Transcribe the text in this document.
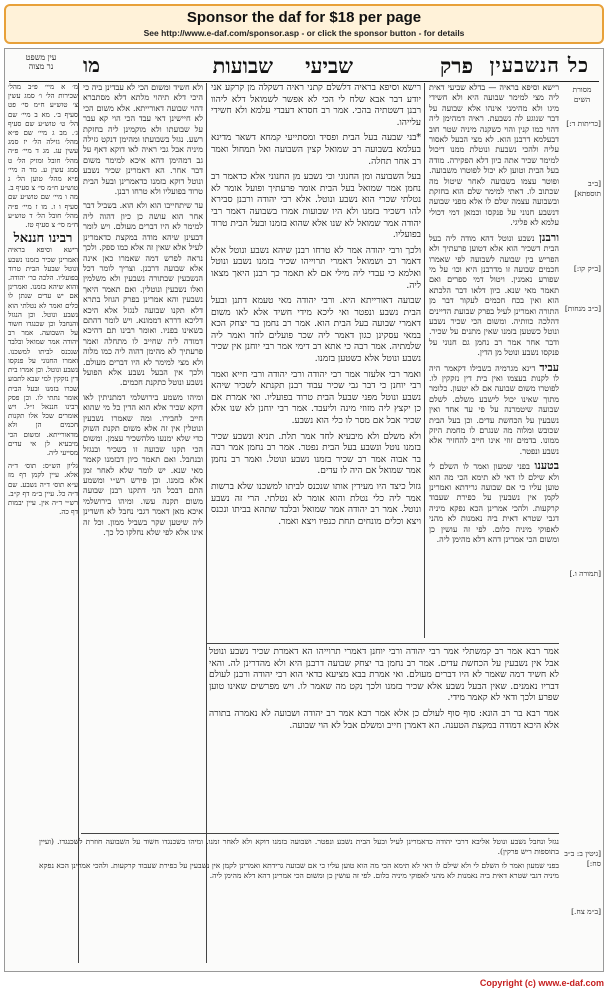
Sponsor the daf for $18 per page
See http://www.e-daf.com/sponsor.asp - or click the sponsor button - for details
כל הנשבעין
פרק
שביעי
שבועות
מו
עין משפט
נר מצוה
מסורת
השים
[כריתות ד:]
[ב״ב תוספתא]
[ב״ק קו:]
[כ״ב מנחות]
[תמורה ו.]
[גיטין ב: ב״ב סח:]
[ב״מ צח.]

רישא וסיפא בראיה — בדלא שביעי דאית ליה מצי למימר שבועה היא ולא חשידי מיגו ולא מהימני אינהו אלא שבועה על דבר שנוגע לה נשבעת. ראיה דמהימן ליה דהוי כמו קנין והוי כשקנה מיניה שטר חוב דבעלמא דרבנן הוא. לא מצי הבעל לאסור עליה ולהכי נשבעת ונוטלת ממנו דיכול למימר שכיר אתה כיון דלא הפקירה. מודה בעל הבית וטוען לא יכול לפוטרו משבועה. ופוטר עצמו בשבועה לאחר שיטול מה שכתוב לו. דאתי למימר שלם הוא בחזקת ובשבועה עצמה שלם לו אלא מפני שבועה דנשבע חנוני על פנקסו וכמאן דמי דכולי עלמא לא פליגי.

ורבנן נשבע ונוטל דהא מודה ליה בעל הבית דשכיר הוא אלא דטוען פרעתיך ולא הפריש בין שבועה לשבועה לפי שאמרו חכמים שבועה זו מדרבנן היא וכו׳ על מי שפורע נאמנין. ויטול דמי ספרים ואם תאמר מאי שנא. כיון דלאו דבר הלכתא הוא ואין בכח חכמים לעקור דבר מן התורה ואמרינן לעיל בפרק שבועת הדיינים דהלכה כוותיה. ומשום הכי שכיר נשבע ונוטל כשטען בזמנו שאין מתנים על שכיר. ודבר אחר אמר רב נחמן גם חנוני על פנקסו נשבע ונוטל מן הדין.

עביד דינא מגרמיה בשבילו דקאמר היה לו לקנות בעצמו ואין בית דין נזקקין לו. לפוטרו משום שבועה אם לא יטעון. כלומר מתוך שאינו יכול לישבע משלם. לשלם שבועה שיטמרנה על פי עד אחד ואין נשבעין על הכחשת עדים. וכן בעל הבית שכובש ומלוה מה שנגרם לו מחמת היזק ממונו. בדמים זוזי אינו חייב להחזיר אלא נשבע ונפטר.

בטענו בפני שמעון ואמר לו השלם לי ולא שילם לו דאי לא תימא הכי מה הוא טוען עליו כי אם שבועה גרידתא ואמרינן לקמן אין נשבעין על כפירת שעבוד קרקעות. ולהכי אמרינן הכא נפקא מיניה דגבי שטרא דאית ביה נאמנות לא מהני לאפוקי מיניה כלום. לפי זה עושין כן ומשום הכי אמרינן דהא דלא מהימן ליה.

רישא וסיפא בראיה דלשלם קתני ראיה דשקלה מן קרקע אני יודע דבר אבא שלח לי הכי לא אפשר לשמואל דלא ליהוו רבנן דשטתיה בהכי. אמר רב חסדא דעבדי עלמא ולא חשידי עלייהו.

*בני שבעה בעל הבית ופסיד ומסתייעי קמחא דשאר מדינא בעלמא בשבועה רב שמואל קצין השבועה ואל תמחול ואמר רב אחר תחלה.

בעל השבועה ומן החנוני וכי נשבע מן החנוני אלא כדאמר רב נחמן אמר שמואל בעל הבית אומר פרעתיך ופועל אומר לא נטלתי שכרי הוא נשבע ונוטל. אלא רבי יהודה ורבנן סבירא להו דשכיר בזמנו ולא היו שבועות אמרו בשבועה דאמר רבי יהודה אמר שמואל לא שנו אלא שהוא בזמנו ובעל הבית טרוד בפועליו.

ולכך ורבי יהודה אמר לא טרחו רבנן שיהא נשבע ונוטל אלא דאמר רב ושמואל דאמרי תרוייהו שכיר בזמנו נשבע ונוטל ואלמא כי עבדי ליה מילי אם לא תאמר כך רבנן היאך מצאו ליה.

שבועה דאורייתא היא. ורבי יהודה מאי טעמא דתנן ובעל הבית נשבע ונפטר ואי ליכא מידי חשיד אלא לאו משום דאמרי שבועה בעל הבית הוא. אמר רב נחמן בר יצחק הכא במאי עסקינן כגון דאמר ליה שכר פועלים לחד ואמר ליה שלמתיה. אמר רבה כי אתא רב דימי אמר רבי יוחנן אין שכיר נשבע ונוטל אלא כשטען בזמנו.

ואמר רבי אלעזר אמר רבי יהודה ורבי יהודה ורבי חייא ואמר רבי יוחנן כי דבר גבי שכיר עבוד רבנן תקנתא לשכיר שיהא נשבע ונוטל מפני שבעל הבית טרוד בפועליו. ואי אמרת אם כן יקצץ ליה מזוזי מינה וליעבד. אמר רבי יוחנן לא שנו אלא שכיר אבל אם מסר לו כלי הוא נשבע.

ולא משלם ולא מיבעיא לחד אמר תלת. תניא ונשבע שכיר בזמנו נוטל ונשבע בעל הבית נפטר. אמר רב נחמן אמר רבה בר אבוה אמר רב שכיר בזמנו נשבע ונוטל. ואמר רב נחמן אמר שמואל אם היה לו עדים.

גזול כיצד היו מעידין אותו שנכנס לביתו למשכנו שלא ברשות אמר ליה כלי נטלת והוא אומר לא נטלתי. הרי זה נשבע ונוטל. אמר רב יהודה אמר שמואל ובלבד שתהא בביתו ונכנס ויצא וכלים מונחים תחת כנפיו ויצא ואמר.

ולא חשיד ומשום הכי לא עבדינן ביה כי היכי דלא תיהוי מלתא דלא מסתברא דהוי שבועה דאורייתא. אלא משום הכי לא חיישינן דאי עבד הכי הוי קא עבר על שבועתו ולא מוקמינן ליה בחזקת רשע. נגזל בשבועתו ומהימן דנקט גזילה מיניה אבל גבי ראיה לאו דוקא דאף על גב דמהימן דהא איכא למימר משום דבר אחר. הא דאמרינן שכיר נשבע ונוטל דוקא בזמנו כדאמרינן ובעל הבית טרוד בפועליו ולא טרחו רבנן.

עד שיתחייבו הוא ולא הוא. בשביל דבר אחר הוא עושה כן כיון דהוה ליה למימר לא היו דברים מעולם. ויש לומר דבעינן שיהא מודה במקצת כדאמרינן לעיל אלא שאין זה אלא כמו ספק. ולכך נראה לפרש דמה שאמרו כאן אינה אלא שבועה דרבנן. וצריך לומר דכל הנשבעין שבתורה נשבעין ולא משלמין ואלו נשבעין ונוטלין. ואם תאמר היאך נשבעין והא אמרינן בפרק הגוזל בתרא דלא תקנו שבועה לנגזל אלא היכא דליכא דררא דממונא. ויש לומר דהתם בשאינו בפניו. ואומר רבינו תם דהיכא דמודה ליה שחייב לו מתחלה ואמר פרעתיך לא מהימן דהוה ליה כמו מלוה ולא מצי למימר לא היו דברים מעולם. ולכך אין הבעל נשבע אלא הפועל נשבע ונוטל כתקנת חכמים.

ומיהו משמע בירושלמי דמתניתין לאו דוקא שכיר אלא הוא הדין כל מי שהוא חייב לחבירו. ומה שאמרו נשבעין ונוטלין אין זה אלא משום תקנת השוק כדי שלא ימנעו מלהשכיר עצמן. ומשום הכי תקנו שבועה זו בשכיר ובנגזל ובנחבל. ואם תאמר כיון דבזמנו קאמר מאי שנא. יש לומר שלא לאחר זמן אלא בזמנו. וכן פירש רש״י ומשמע התם דבכל הני דתקנו רבנן שבועה משום תקנה עשו. ומיהו בירושלמי איכא מאן דאמר דגבי נחבל לא חשדינן ליה שיטען שקר בשביל ממון. וכל זה אינו אלא לפי שלא נחלקו כל כך.

מ׳ א מיי׳ פ״ב מהל׳ שכירות הל׳ ו׳ סמג עשין צ׳ טוש״ע ח״מ סי׳ פט סעיף ב׳. מא ב מיי׳ שם הל׳ ט׳ טוש״ע שם סעיף ג׳. מב ג מיי׳ שם פ״א מהל׳ גזילה הל׳ יז סמג עשין עג. מג ד מיי׳ פ״ה מהל׳ חובל ומזיק הל׳ ט סמג עשין ע. מד ה מיי׳ פ״א מהל׳ טוען הל׳ ג טוש״ע ח״מ סי׳ צ סעיף ב. מה ו מיי׳ שם טוש״ע שם סעיף ו ז. מו ז מיי׳ פ״ה מהל׳ חובל הל׳ ד טוש״ע ח״מ סי׳ צ סעיף טז.

רבינו חננאל

רישא וסיפא בראיה ואמרינן שכיר בזמנו נשבע ונוטל שבעל הבית טרוד בפועליו. הלכה כר׳ יהודה. והוא שיהא בזמנו. ואמרינן אם יש עדים שנתן לו כלים ואמר לא נטלתי הוא נשבע ונוטל. וכן הנגזל והנחבל וכן שכנגדו חשוד על השבועה. אמר רב יהודה אמר שמואל ובלבד שנכנס לביתו למשכנו. ואמרו החנוני על פנקסו נשבע ונוטל. וכן אמרו בית דין נזקקין למי שבא לתבוע שכרו בזמנו ובעל הבית אומר נתתי לו. וכן פסק רבינו חננאל ז״ל. ויש אומרים שכל אלו תקנות חכמים הן ולא מדאורייתא. ומשום הכי מיבעיא לן אי עדים מסייעי ליה.

גליון הש״ס: תוס׳ ד״ה אלא. עיין לקמן דף מז ע״א תוס׳ ד״ה נשבע. שם ד״ה כל. עיין ב״מ דף ק״ב. רש״י ד״ה אין. עיין יבמות דף כה.

אמר רבא אמר רב קמשתלי אמר רבי יהודה ורבי יוחנן דאמרי תרוייהו הא דאמרת שכיר נשבע ונוטל אבל אין נשבעין על הכחשת עדים. אמר רב נחמן בר יצחק שבועה דרבנן היא ולא מהדרינן לה. והאי לא חשיד דמה שאמר לא היו דברים מעולם. ואי אמרת בבא מציעא כדאי הוא רבי יהודה ורבנן לעולם דבריו נאמנים. שאין הבעל נשבע אלא שכיר בזמנו ולכך נקט מה שאמר לו. ויש מפרשים שאינו טוען שפרע ולכך ודאי לא קאמר מידי.

אמר רבא בר רב הונא: סוף סוף לעולם כן אלא אמר רבא אמר רב יהודה ושבועה לא נאמרה בתורה אלא היכא דמודה במקצת הטענה. הא דאמרן חייב ומשלם אבל לא הוי שבועה.

נגזל ונחבל נשבע ונוטל אליבא דרבי יהודה כדאמרינן לעיל ובעל הבית נשבע ונפטר. ושבועה בזמנו דוקא ולא לאחר זמנו. ומיהו בשכנגדו חשוד על השבועה חוזרת לשכנגדו. (ועיין בתוספות ריש פרקין).

בפני שמעון ואמר לו השלם לי ולא שילם לו דאי לא תימא הכי מה הוא טוען עליו כי אם שבועה גרידתא ואמרינן לקמן אין נשבעין על כפירת שעבוד קרקעות. ולהכי אמרינן הכא נפקא מיניה דגבי שטרא דאית ביה נאמנות לא מהני לאפוקי מיניה כלום. לפי זה עושין כן ומשום הכי אמרינן דהא דלא מהימן ליה.

Copyright (c) www.e-daf.com
